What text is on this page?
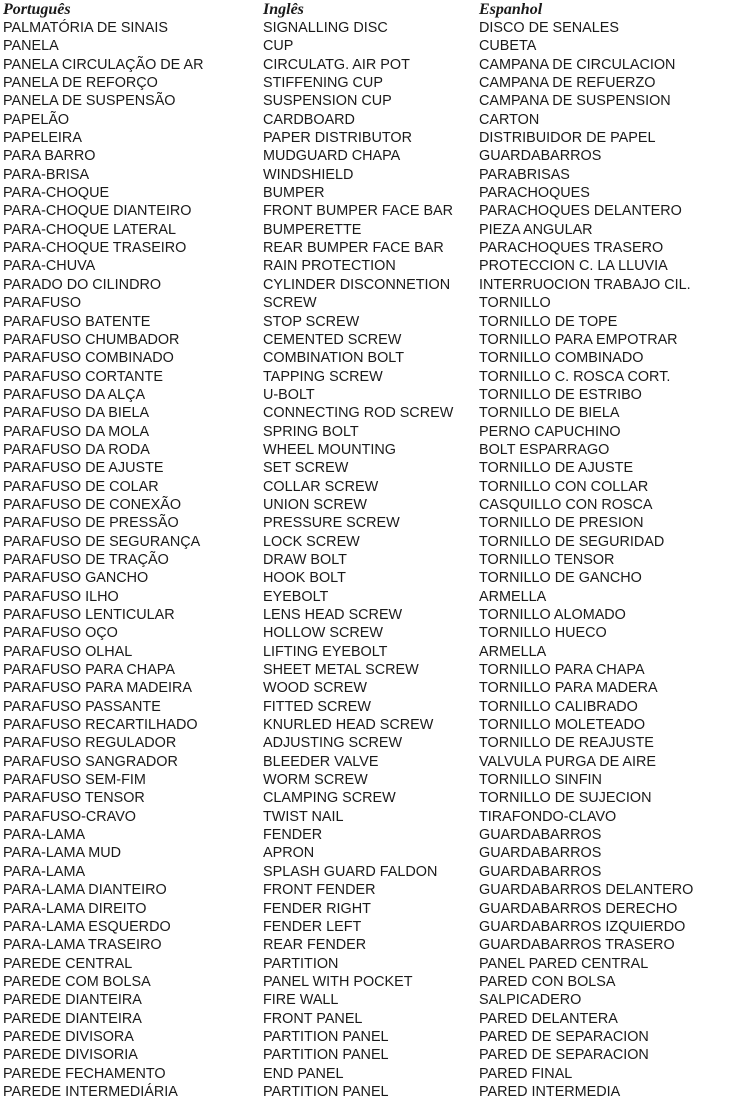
Português	Inglês	Espanhol
PALMATÓRIA DE SINAIS	SIGNALLING DISC	DISCO DE SENALES
PANELA	CUP	CUBETA
PANELA CIRCULAÇÃO DE AR	CIRCULATG. AIR POT	CAMPANA DE CIRCULACION
PANELA DE REFORÇO	STIFFENING CUP	CAMPANA DE REFUERZO
PANELA DE SUSPENSÃO	SUSPENSION CUP	CAMPANA DE SUSPENSION
PAPELÃO	CARDBOARD	CARTON
PAPELEIRA	PAPER DISTRIBUTOR	DISTRIBUIDOR DE PAPEL
PARA BARRO	MUDGUARD CHAPA	GUARDABARROS
PARA-BRISA	WINDSHIELD	PARABRISAS
PARA-CHOQUE	BUMPER	PARACHOQUES
PARA-CHOQUE DIANTEIRO	FRONT BUMPER FACE BAR	PARACHOQUES DELANTERO
PARA-CHOQUE LATERAL	BUMPERETTE	PIEZA ANGULAR
PARA-CHOQUE TRASEIRO	REAR BUMPER FACE BAR	PARACHOQUES TRASERO
PARA-CHUVA	RAIN PROTECTION	PROTECCION C. LA LLUVIA
PARADO DO CILINDRO	CYLINDER DISCONNETION	INTERRUOCION TRABAJO CIL.
PARAFUSO	SCREW	TORNILLO
PARAFUSO BATENTE	STOP SCREW	TORNILLO DE TOPE
PARAFUSO CHUMBADOR	CEMENTED SCREW	TORNILLO PARA EMPOTRAR
PARAFUSO COMBINADO	COMBINATION BOLT	TORNILLO COMBINADO
PARAFUSO CORTANTE	TAPPING SCREW	TORNILLO C. ROSCA CORT.
PARAFUSO DA ALÇA	U-BOLT	TORNILLO DE ESTRIBO
PARAFUSO DA BIELA	CONNECTING ROD SCREW	TORNILLO DE BIELA
PARAFUSO DA MOLA	SPRING BOLT	PERNO CAPUCHINO
PARAFUSO DA RODA	WHEEL MOUNTING	BOLT ESPARRAGO
PARAFUSO DE AJUSTE	SET SCREW	TORNILLO DE AJUSTE
PARAFUSO DE COLAR	COLLAR SCREW	TORNILLO CON COLLAR
PARAFUSO DE CONEXÃO	UNION SCREW	CASQUILLO CON ROSCA
PARAFUSO DE PRESSÃO	PRESSURE SCREW	TORNILLO DE PRESION
PARAFUSO DE SEGURANÇA	LOCK SCREW	TORNILLO DE SEGURIDAD
PARAFUSO DE TRAÇÃO	DRAW BOLT	TORNILLO TENSOR
PARAFUSO GANCHO	HOOK BOLT	TORNILLO DE GANCHO
PARAFUSO ILHO	EYEBOLT	ARMELLA
PARAFUSO LENTICULAR	LENS HEAD SCREW	TORNILLO ALOMADO
PARAFUSO OÇO	HOLLOW SCREW	TORNILLO HUECO
PARAFUSO OLHAL	LIFTING EYEBOLT	ARMELLA
PARAFUSO PARA CHAPA	SHEET METAL SCREW	TORNILLO PARA CHAPA
PARAFUSO PARA MADEIRA	WOOD SCREW	TORNILLO PARA MADERA
PARAFUSO PASSANTE	FITTED SCREW	TORNILLO CALIBRADO
PARAFUSO RECARTILHADO	KNURLED HEAD SCREW	TORNILLO MOLETEADO
PARAFUSO REGULADOR	ADJUSTING SCREW	TORNILLO DE REAJUSTE
PARAFUSO SANGRADOR	BLEEDER VALVE	VALVULA PURGA DE AIRE
PARAFUSO SEM-FIM	WORM SCREW	TORNILLO SINFIN
PARAFUSO TENSOR	CLAMPING SCREW	TORNILLO DE SUJECION
PARAFUSO-CRAVO	TWIST NAIL	TIRAFONDO-CLAVO
PARA-LAMA	FENDER	GUARDABARROS
PARA-LAMA MUD	APRON	GUARDABARROS
PARA-LAMA	SPLASH GUARD FALDON	GUARDABARROS
PARA-LAMA DIANTEIRO	FRONT FENDER	GUARDABARROS DELANTERO
PARA-LAMA DIREITO	FENDER RIGHT	GUARDABARROS DERECHO
PARA-LAMA ESQUERDO	FENDER LEFT	GUARDABARROS IZQUIERDO
PARA-LAMA TRASEIRO	REAR FENDER	GUARDABARROS TRASERO
PAREDE CENTRAL	PARTITION	PANEL PARED CENTRAL
PAREDE COM BOLSA	PANEL WITH POCKET	PARED CON BOLSA
PAREDE DIANTEIRA	FIRE WALL	SALPICADERO
PAREDE DIANTEIRA	FRONT PANEL	PARED DELANTERA
PAREDE DIVISORA	PARTITION PANEL	PARED DE SEPARACION
PAREDE DIVISORIA	PARTITION PANEL	PARED DE SEPARACION
PAREDE FECHAMENTO	END PANEL	PARED FINAL
PAREDE INTERMEDIÁRIA	PARTITION PANEL	PARED INTERMEDIA
